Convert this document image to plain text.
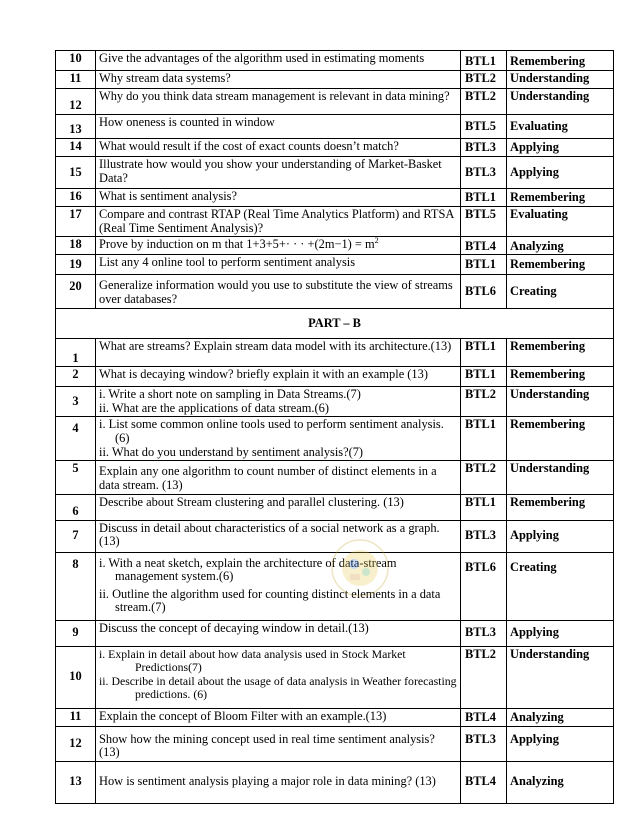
10	Give the advantages of the algorithm used in estimating moments	BTL1	Remembering
11	Why stream data systems?	BTL2	Understanding
12	Why do you think data stream management is relevant in data mining?	BTL2	Understanding
13	How oneness is counted in window	BTL5	Evaluating
14	What would result if the cost of exact counts doesn’t match?	BTL3	Applying
15	Illustrate how would you show your understanding of Market-Basket Data?	BTL3	Applying
16	What is sentiment analysis?	BTL1	Remembering
17	Compare and contrast RTAP (Real Time Analytics Platform) and RTSA (Real Time Sentiment Analysis)?	BTL5	Evaluating
18	Prove by induction on m that 1+3+5+· · · $+(2m-1) = m^2$	BTL4	Analyzing
19	List any 4 online tool to perform sentiment analysis	BTL1	Remembering
20	Generalize information would you use to substitute the view of streams over databases?	BTL6	Creating
PART – B			
1	What are streams? Explain stream data model with its architecture.(13)	BTL1	Remembering
2	What is decaying window? briefly explain it with an example (13)	BTL1	Remembering
3	i. Write a short note on sampling in Data Streams.(7)
ii. What are the applications of data stream.(6)	BTL2	Understanding
4	i. List some common online tools used to perform sentiment analysis.(6)
ii. What do you understand by sentiment analysis?(7)	BTL1	Remembering
5	Explain any one algorithm to count number of distinct elements in a data stream. (13)	BTL2	Understanding
6	Describe about Stream clustering and parallel clustering. (13)	BTL1	Remembering
7	Discuss in detail about characteristics of a social network as a graph. (13)	BTL3	Applying
8	i. With a neat sketch, explain the architecture of data-stream management system.(6)
ii. Outline the algorithm used for counting distinct elements in a data stream.(7)	BTL6	Creating
9	Discuss the concept of decaying window in detail.(13)	BTL3	Applying
10	i. Explain in detail about how data analysis used in Stock Market Predictions(7)
ii. Describe in detail about the usage of data analysis in Weather forecasting predictions. (6)	BTL2	Understanding
11	Explain the concept of Bloom Filter with an example.(13)	BTL4	Analyzing
12	Show how the mining concept used in real time sentiment analysis? (13)	BTL3	Applying
13	How is sentiment analysis playing a major role in data mining? (13)	BTL4	Analyzing
